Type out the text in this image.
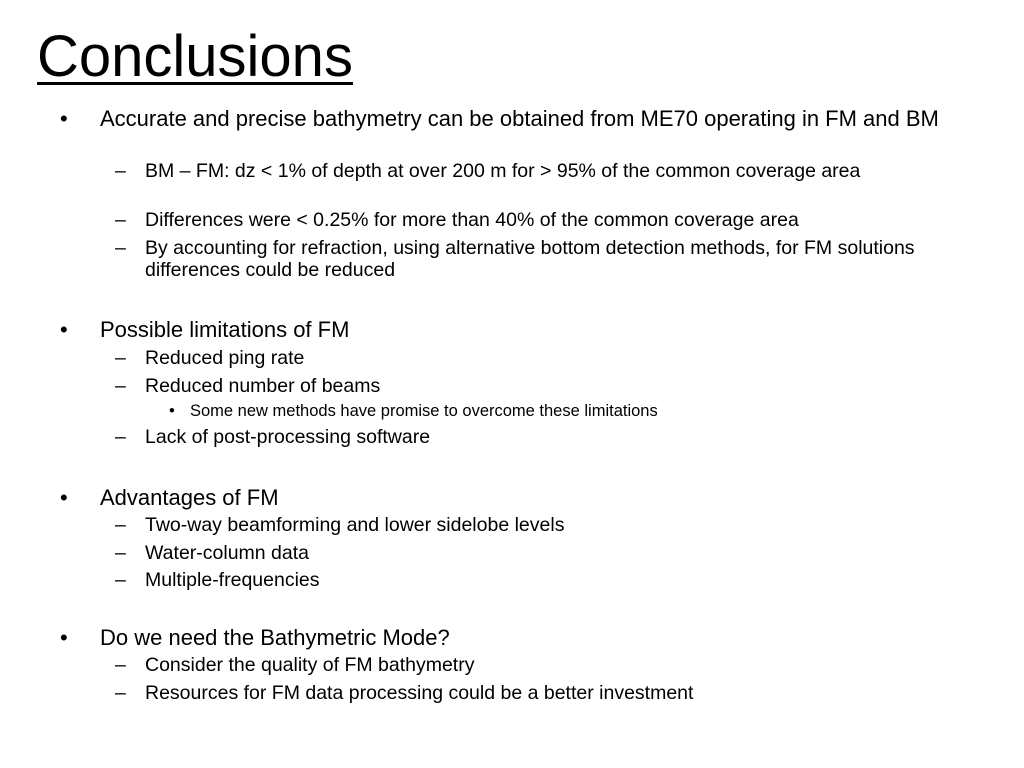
Conclusions
• Accurate and precise bathymetry can be obtained from ME70 operating in FM and BM
– BM – FM: dz < 1% of depth at over 200 m for > 95% of the common coverage area
– Differences were < 0.25% for more than 40% of the common coverage area
– By accounting for refraction, using alternative bottom detection methods, for FM solutions differences could be reduced
• Possible limitations of FM
– Reduced ping rate
– Reduced number of beams
• Some new methods have promise to overcome these limitations
– Lack of post-processing software
• Advantages of FM
– Two-way beamforming and lower sidelobe levels
– Water-column data
– Multiple-frequencies
• Do we need the Bathymetric Mode?
– Consider the quality of FM bathymetry
– Resources for FM data processing could be a better investment
